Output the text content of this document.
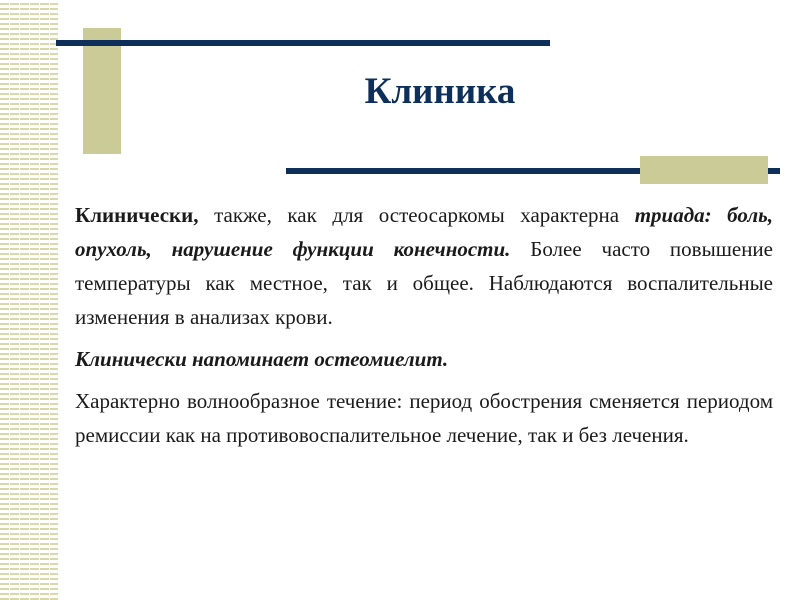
Клиника

Клинически, также, как для остеосаркомы характерна триада: боль, опухоль, нарушение функции конечности. Более часто повышение температуры как местное, так и общее. Наблюдаются воспалительные изменения в анализах крови.

Клинически напоминает остеомиелит.

Характерно волнообразное течение: период обострения сменяется периодом ремиссии как на противовоспалительное лечение, так и без лечения.
